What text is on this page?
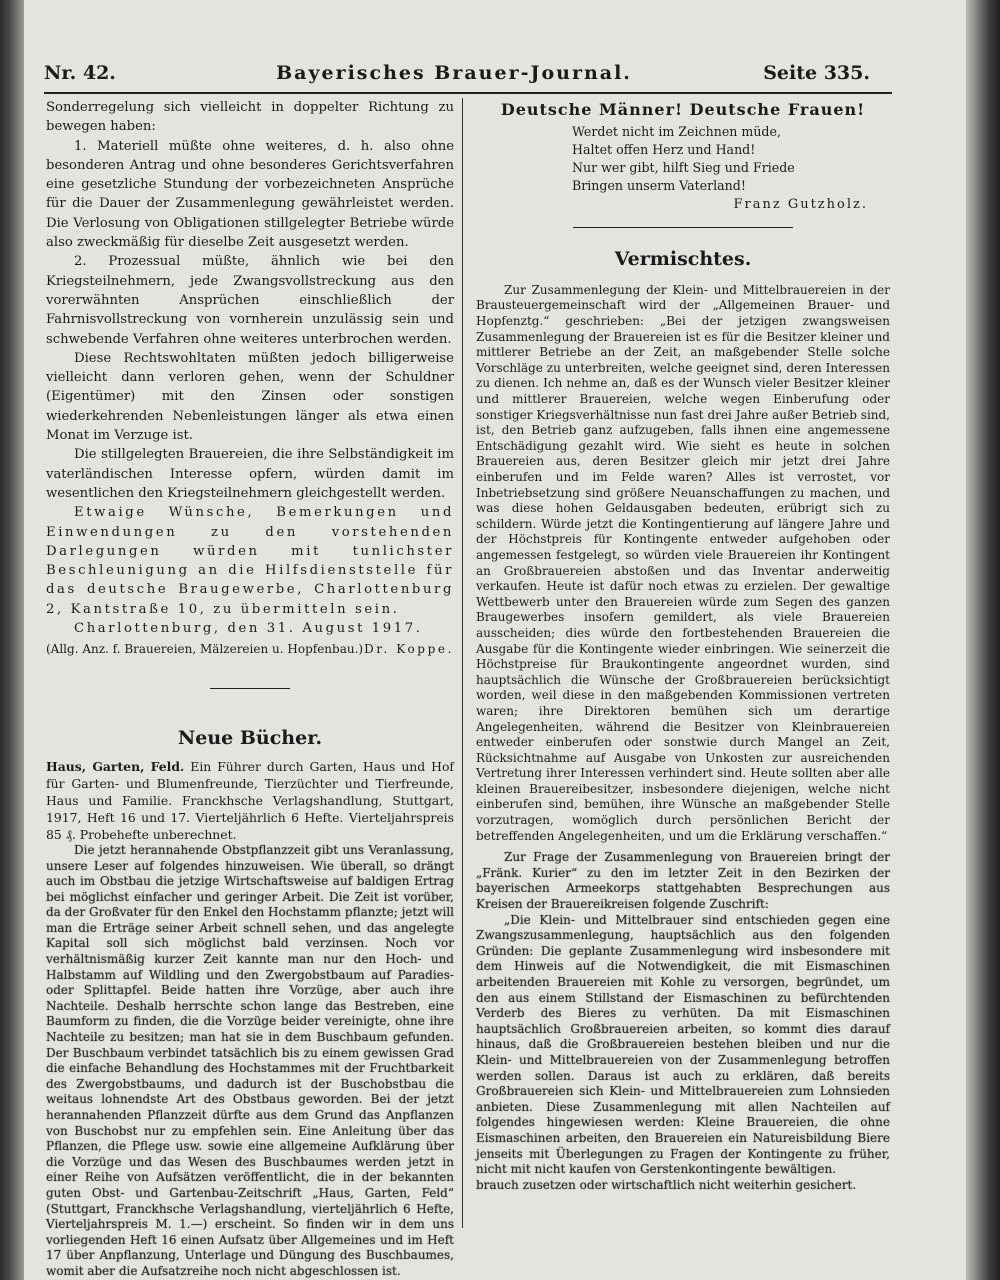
Nr. 42.	Bayerisches Brauer-Journal.	Seite 335.

Sonderregelung sich vielleicht in doppelter Richtung zu bewegen haben:

1. Materiell müßte ohne weiteres, d. h. also ohne besonderen Antrag und ohne besonderes Gerichtsverfahren eine gesetzliche Stundung der vorbezeichneten Ansprüche für die Dauer der Zusammenlegung gewährleistet werden. Die Verlosung von Obligationen stillgelegter Betriebe würde also zweckmäßig für dieselbe Zeit ausgesetzt werden.

2. Prozessual müßte, ähnlich wie bei den Kriegsteilnehmern, jede Zwangsvollstreckung aus den vorerwähnten Ansprüchen einschließlich der Fahrnisvollstreckung von vornherein unzulässig sein und schwebende Verfahren ohne weiteres unterbrochen werden.

Diese Rechtswohltaten müßten jedoch billigerweise vielleicht dann verloren gehen, wenn der Schuldner (Eigentümer) mit den Zinsen oder sonstigen wiederkehrenden Nebenleistungen länger als etwa einen Monat im Verzuge ist.

Die stillgelegten Brauereien, die ihre Selbständigkeit im vaterländischen Interesse opfern, würden damit im wesentlichen den Kriegsteilnehmern gleichgestellt werden.

Etwaige Wünsche, Bemerkungen und Einwendungen zu den vorstehenden Darlegungen würden mit tunlichster Beschleunigung an die Hilfsdienststelle für das deutsche Braugewerbe, Charlottenburg 2, Kantstraße 10, zu übermitteln sein.

Charlottenburg, den 31. August 1917.

(Allg. Anz. f. Brauereien, Mälzereien u. Hopfenbau.) Dr. Koppe.
Neue Bücher.

Haus, Garten, Feld. Ein Führer durch Garten, Haus und Hof für Garten- und Blumenfreunde, Tierzüchter und Tierfreunde, Haus und Familie. Franckhsche Verlagshandlung, Stuttgart, 1917, Heft 16 und 17. Vierteljährlich 6 Hefte. Vierteljahrspreis 85 ₰. Probehefte unberechnet.

Die jetzt herannahende Obstpflanzzeit gibt uns Veranlassung, unsere Leser auf folgendes hinzuweisen. Wie überall, so drängt auch im Obstbau die jetzige Wirtschaftsweise auf baldigen Ertrag bei möglichst einfacher und geringer Arbeit. Die Zeit ist vorüber, da der Großvater für den Enkel den Hochstamm pflanzte; jetzt will man die Erträge seiner Arbeit schnell sehen, und das angelegte Kapital soll sich möglichst bald verzinsen. Noch vor verhältnismäßig kurzer Zeit kannte man nur den Hoch- und Halbstamm auf Wildling und den Zwergobstbaum auf Paradies- oder Splittapfel. Beide hatten ihre Vorzüge, aber auch ihre Nachteile. Deshalb herrschte schon lange das Bestreben, eine Baumform zu finden, die die Vorzüge beider vereinigte, ohne ihre Nachteile zu besitzen; man hat sie in dem Buschbaum gefunden. Der Buschbaum verbindet tatsächlich bis zu einem gewissen Grad die einfache Behandlung des Hochstammes mit der Fruchtbarkeit des Zwergobstbaums, und dadurch ist der Buschobstbau die weitaus lohnendste Art des Obstbaus geworden. Bei der jetzt herannahenden Pflanzzeit dürfte aus dem Grund das Anpflanzen von Buschobst nur zu empfehlen sein. Eine Anleitung über das Pflanzen, die Pflege usw. sowie eine allgemeine Aufklärung über die Vorzüge und das Wesen des Buschbaumes werden jetzt in einer Reihe von Aufsätzen veröffentlicht, die in der bekannten guten Obst- und Gartenbau-Zeitschrift „Haus, Garten, Feld“ (Stuttgart, Franckhsche Verlagshandlung, vierteljährlich 6 Hefte, Vierteljahrspreis M. 1.—) erscheint. So finden wir in dem uns vorliegenden Heft 16 einen Aufsatz über Allgemeines und im Heft 17 über Anpflanzung, Unterlage und Düngung des Buschbaumes, womit aber die Aufsatzreihe noch nicht abgeschlossen ist.

Deutsche Männer! Deutsche Frauen!
Werdet nicht im Zeichnen müde,
Haltet offen Herz und Hand!
Nur wer gibt, hilft Sieg und Friede
Bringen unserm Vaterland!
Franz Gutzholz.
Vermischtes.

Zur Zusammenlegung der Klein- und Mittelbrauereien in der Brausteuergemeinschaft wird der „Allgemeinen Brauer- und Hopfenztg.“ geschrieben: „Bei der jetzigen zwangsweisen Zusammenlegung der Brauereien ist es für die Besitzer kleiner und mittlerer Betriebe an der Zeit, an maßgebender Stelle solche Vorschläge zu unterbreiten, welche geeignet sind, deren Interessen zu dienen. Ich nehme an, daß es der Wunsch vieler Besitzer kleiner und mittlerer Brauereien, welche wegen Einberufung oder sonstiger Kriegsverhältnisse nun fast drei Jahre außer Betrieb sind, ist, den Betrieb ganz aufzugeben, falls ihnen eine angemessene Entschädigung gezahlt wird. Wie sieht es heute in solchen Brauereien aus, deren Besitzer gleich mir jetzt drei Jahre einberufen und im Felde waren? Alles ist verrostet, vor Inbetriebsetzung sind größere Neuanschaffungen zu machen, und was diese hohen Geldausgaben bedeuten, erübrigt sich zu schildern. Würde jetzt die Kontingentierung auf längere Jahre und der Höchstpreis für Kontingente entweder aufgehoben oder angemessen festgelegt, so würden viele Brauereien ihr Kontingent an Großbrauereien abstoßen und das Inventar anderweitig verkaufen. Heute ist dafür noch etwas zu erzielen. Der gewaltige Wettbewerb unter den Brauereien würde zum Segen des ganzen Braugewerbes insofern gemildert, als viele Brauereien ausscheiden; dies würde den fortbestehenden Brauereien die Ausgabe für die Kontingente wieder einbringen. Wie seinerzeit die Höchstpreise für Braukontingente angeordnet wurden, sind hauptsächlich die Wünsche der Großbrauereien berücksichtigt worden, weil diese in den maßgebenden Kommissionen vertreten waren; ihre Direktoren bemühen sich um derartige Angelegenheiten, während die Besitzer von Kleinbrauereien entweder einberufen oder sonstwie durch Mangel an Zeit, Rücksichtnahme auf Ausgabe von Unkosten zur ausreichenden Vertretung ihrer Interessen verhindert sind. Heute sollten aber alle kleinen Brauereibesitzer, insbesondere diejenigen, welche nicht einberufen sind, bemühen, ihre Wünsche an maßgebender Stelle vorzutragen, womöglich durch persönlichen Bericht der betreffenden Angelegenheiten, und um die Erklärung verschaffen.“

Zur Frage der Zusammenlegung von Brauereien bringt der „Fränk. Kurier“ zu den im letzter Zeit in den Bezirken der bayerischen Armeekorps stattgehabten Besprechungen aus Kreisen der Brauereikreisen folgende Zuschrift:

„Die Klein- und Mittelbrauer sind entschieden gegen eine Zwangszusammenlegung, hauptsächlich aus den folgenden Gründen: Die geplante Zusammenlegung wird insbesondere mit dem Hinweis auf die Notwendigkeit, die mit Eismaschinen arbeitenden Brauereien mit Kohle zu versorgen, begründet, um den aus einem Stillstand der Eismaschinen zu befürchtenden Verderb des Bieres zu verhüten. Da mit Eismaschinen hauptsächlich Großbrauereien arbeiten, so kommt dies darauf hinaus, daß die Großbrauereien bestehen bleiben und nur die Klein- und Mittelbrauereien von der Zusammenlegung betroffen werden sollen. Daraus ist auch zu erklären, daß bereits Großbrauereien sich Klein- und Mittelbrauereien zum Lohnsieden anbieten. Diese Zusammenlegung mit allen Nachteilen auf folgendes hingewiesen werden: Kleine Brauereien, die ohne Eismaschinen arbeiten, den Brauereien ein Natureisbildung Biere jenseits mit Überlegungen zu Fragen der Kontingente zu früher, nicht mit nicht kaufen von Gerstenkontingente bewältigen.

brauch zusetzen oder wirtschaftlich nicht weiterhin gesichert.
